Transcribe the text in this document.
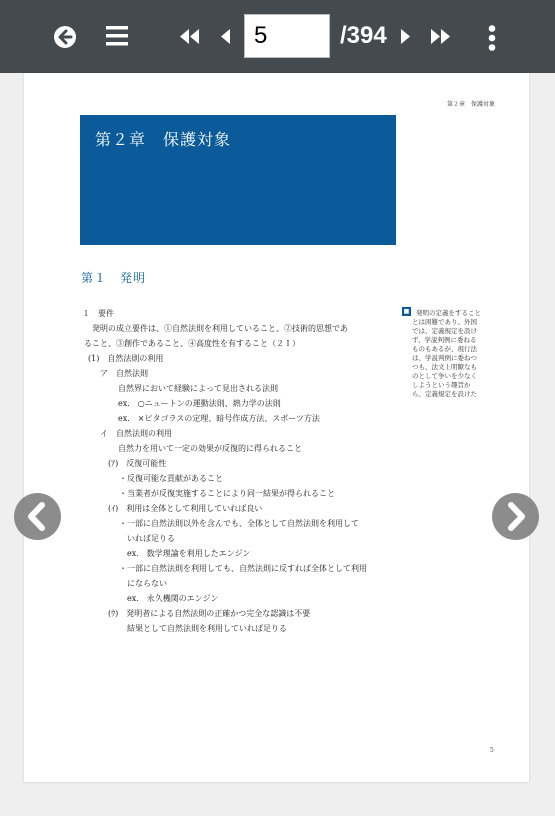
5
/394
第２章　保護対象
第２章　保護対象
第１　発明
１　要件
　発明の成立要件は、①自然法則を利用していること、②技術的思想であ
ること、③創作であること、④高度性を有すること（２Ｉ）
(1)　自然法則の利用
ア　自然法則
自然界において経験によって見出される法則
ex.　○ニュートンの運動法則、熱力学の法則
ex.　×ピタゴラスの定理、暗号作成方法、スポーツ方法
イ　自然法則の利用
自然力を用いて一定の効果が反復的に得られること
(ｱ)　反復可能性
・反復可能な貢献があること
・当業者が反復実施することにより同一結果が得られること
(ｲ)　利用は全体として利用していれば良い
・一部に自然法則以外を含んでも、全体として自然法則を利用して
いれば足りる
ex.　数学理論を利用したエンジン
・一部に自然法則を利用しても、自然法則に反すれば全体として利用
にならない
ex.　永久機関のエンジン
(ｳ)　発明者による自然法則の正確かつ完全な認識は不要
結果として自然法則を利用していれば足りる
■ 発明の定義をすること
とは困難であり、外国
では、定義規定を設け
ず、学説判例に委ねる
ものもあるが、現行法
は、学説判例に委ねつ
つも、法文上明瞭なも
のとして争いを少なく
しようという趣旨か
ら、定義規定を設けた
5
